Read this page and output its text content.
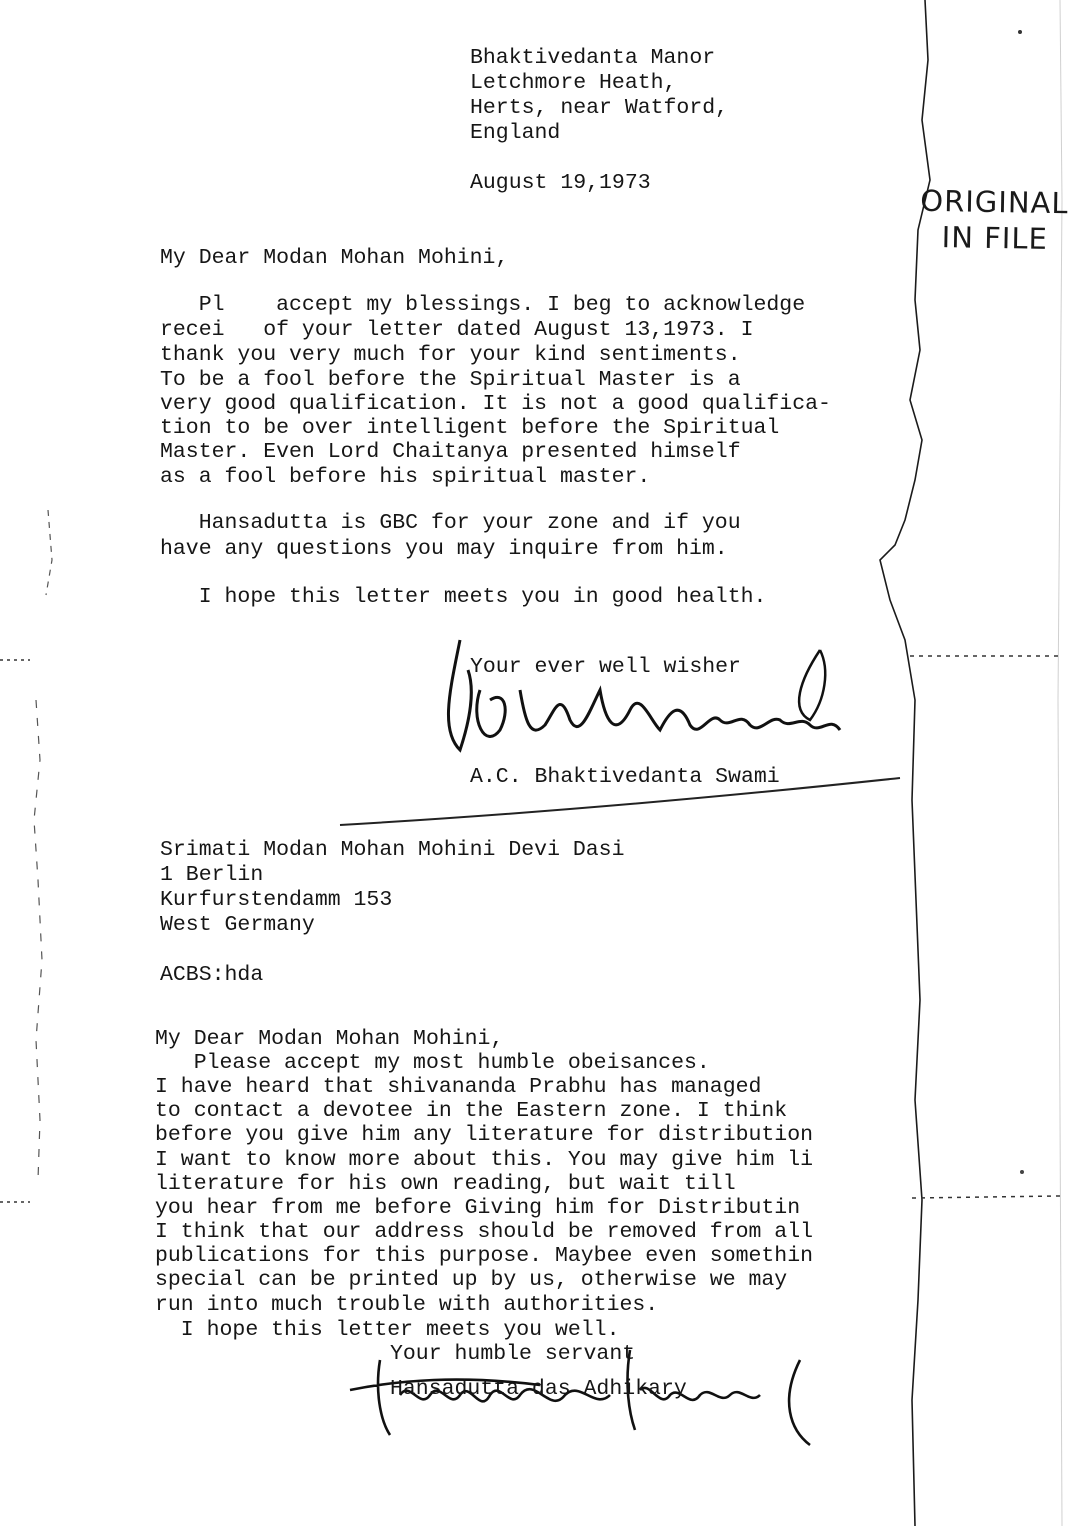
ORIGINAL
IN FILE
Bhaktivedanta Manor
Letchmore Heath,
Herts, near Watford,
England
August 19,1973
My Dear Modan Mohan Mohini,
Pl    accept my blessings. I beg to acknowledge
recei   of your letter dated August 13,1973. I
thank you very much for your kind sentiments.
To be a fool before the Spiritual Master is a
very good qualification. It is not a good qualifica-
tion to be over intelligent before the Spiritual
Master. Even Lord Chaitanya presented himself
as a fool before his spiritual master.
Hansadutta is GBC for your zone and if you
have any questions you may inquire from him.
I hope this letter meets you in good health.
Your ever well wisher
A.C. Bhaktivedanta Swami
Srimati Modan Mohan Mohini Devi Dasi
1 Berlin
Kurfurstendamm 153
West Germany
ACBS:hda
My Dear Modan Mohan Mohini,
Please accept my most humble obeisances.
I have heard that shivananda Prabhu has managed
to contact a devotee in the Eastern zone. I think
before you give him any literature for distribution
I want to know more about this. You may give him li
literature for his own reading, but wait till
you hear from me before Giving him for Distributin
I think that our address should be removed from all
publications for this purpose. Maybee even somethin
special can be printed up by us, otherwise we may
run into much trouble with authorities.
I hope this letter meets you well.
Your humble servant
Hansadutta das Adhikary
